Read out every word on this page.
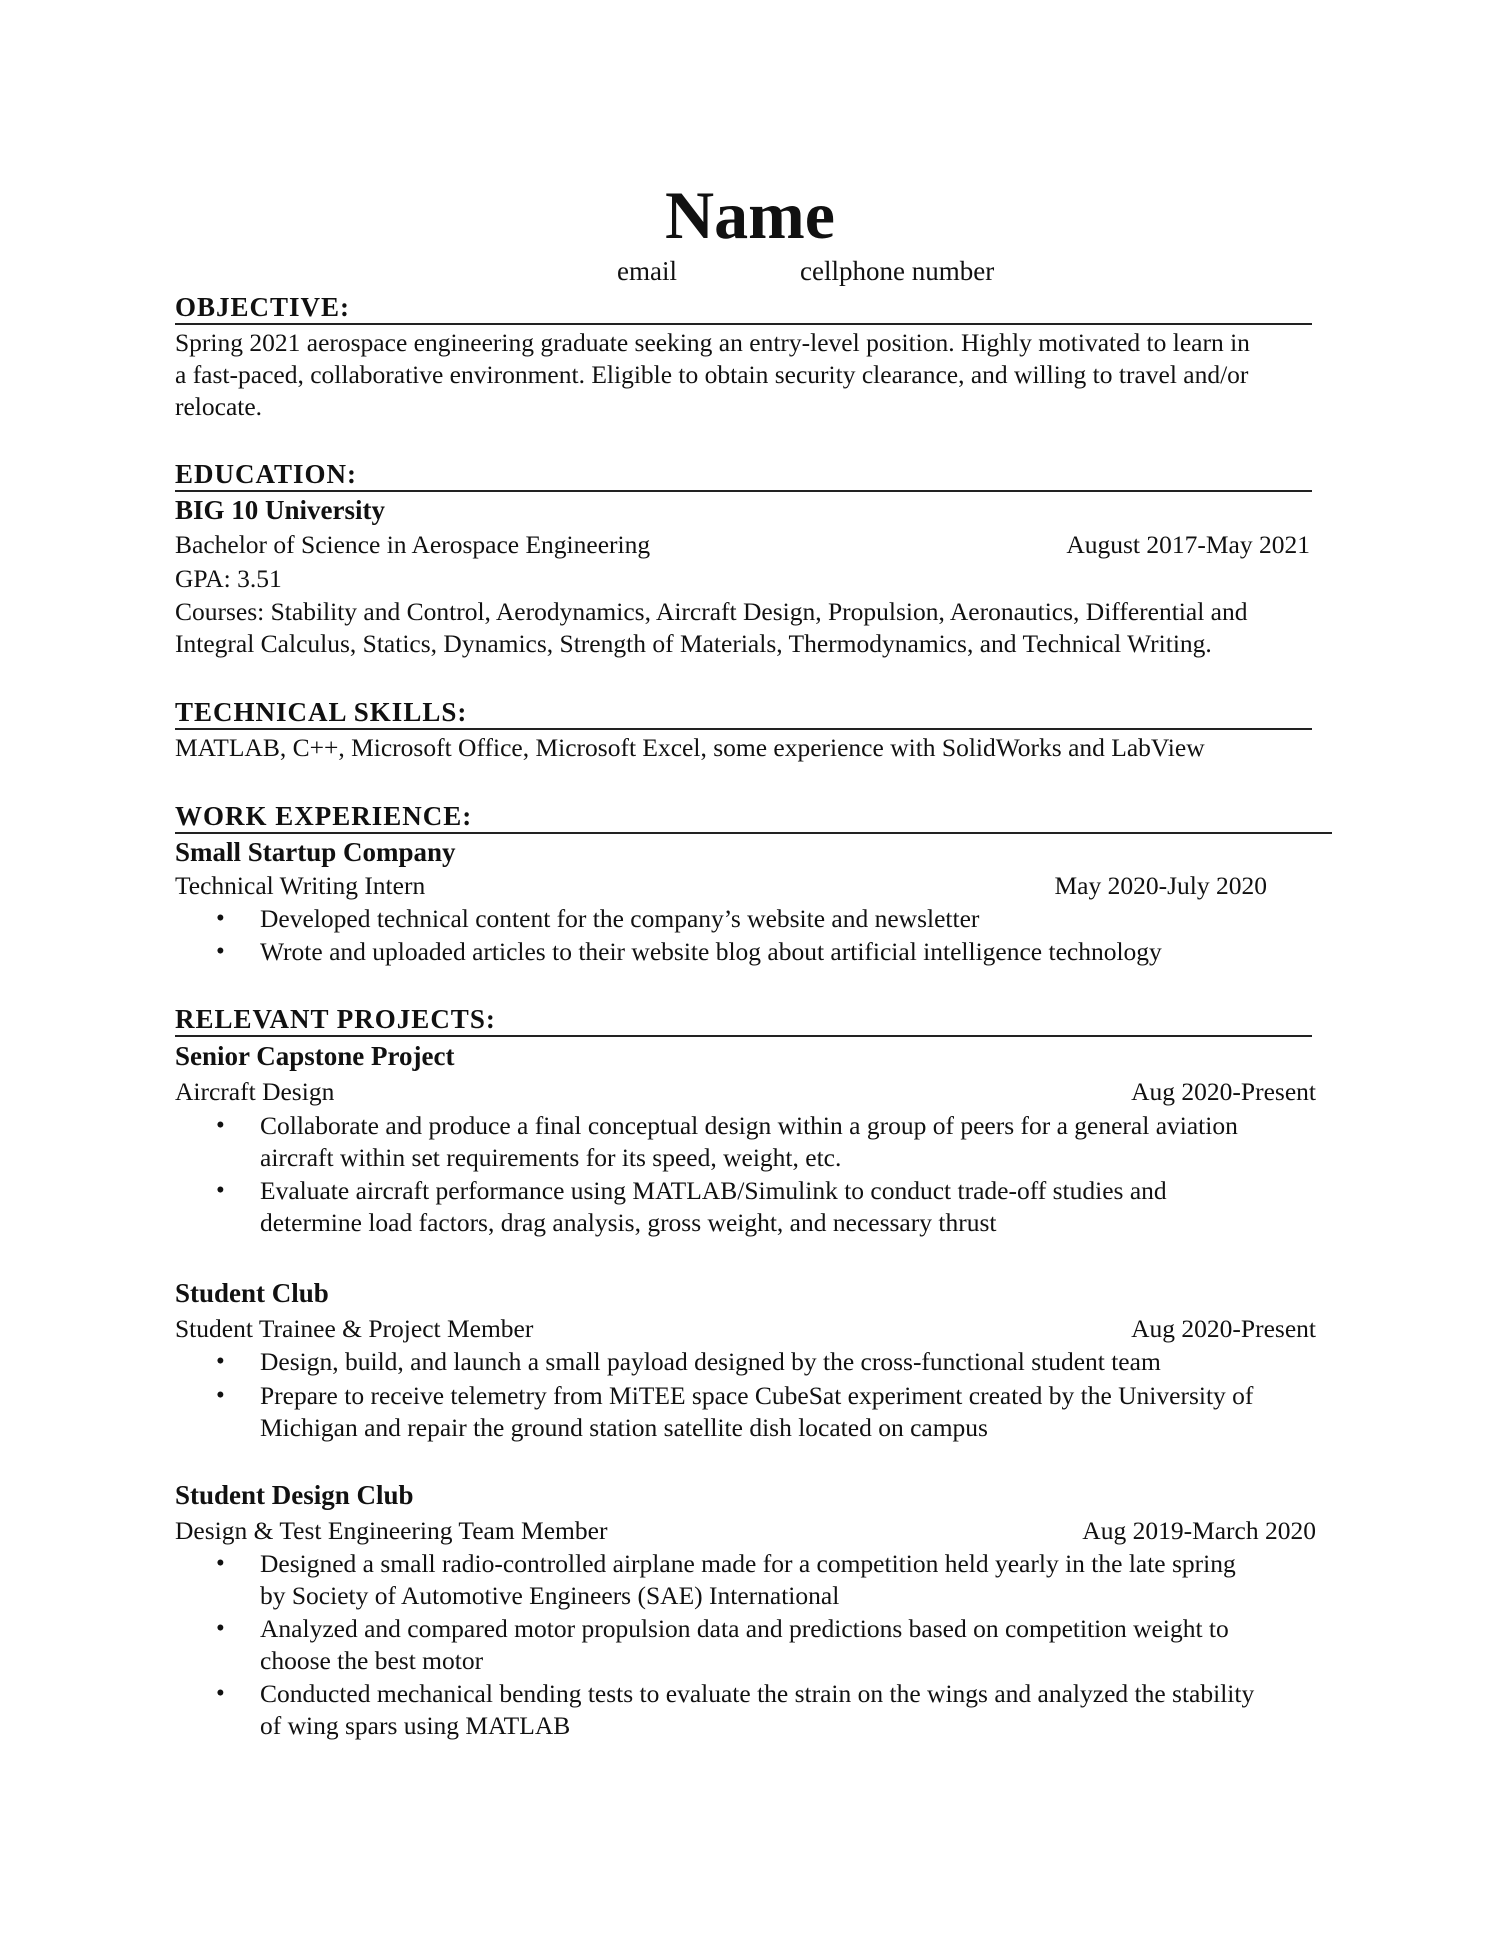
Name
email	cellphone number
OBJECTIVE:
Spring 2021 aerospace engineering graduate seeking an entry-level position. Highly motivated to learn in
a fast-paced, collaborative environment. Eligible to obtain security clearance, and willing to travel and/or
relocate.
EDUCATION:
BIG 10 University
Bachelor of Science in Aerospace Engineering	August 2017-May 2021
GPA: 3.51
Courses: Stability and Control, Aerodynamics, Aircraft Design, Propulsion, Aeronautics, Differential and
Integral Calculus, Statics, Dynamics, Strength of Materials, Thermodynamics, and Technical Writing.
TECHNICAL SKILLS:
MATLAB, C++, Microsoft Office, Microsoft Excel, some experience with SolidWorks and LabView
WORK EXPERIENCE:
Small Startup Company
Technical Writing Intern	May 2020-July 2020
• Developed technical content for the company’s website and newsletter
• Wrote and uploaded articles to their website blog about artificial intelligence technology
RELEVANT PROJECTS:
Senior Capstone Project
Aircraft Design	Aug 2020-Present
• Collaborate and produce a final conceptual design within a group of peers for a general aviation
aircraft within set requirements for its speed, weight, etc.
• Evaluate aircraft performance using MATLAB/Simulink to conduct trade-off studies and
determine load factors, drag analysis, gross weight, and necessary thrust
Student Club
Student Trainee & Project Member	Aug 2020-Present
• Design, build, and launch a small payload designed by the cross-functional student team
• Prepare to receive telemetry from MiTEE space CubeSat experiment created by the University of
Michigan and repair the ground station satellite dish located on campus
Student Design Club
Design & Test Engineering Team Member	Aug 2019-March 2020
• Designed a small radio-controlled airplane made for a competition held yearly in the late spring
by Society of Automotive Engineers (SAE) International
• Analyzed and compared motor propulsion data and predictions based on competition weight to
choose the best motor
• Conducted mechanical bending tests to evaluate the strain on the wings and analyzed the stability
of wing spars using MATLAB
